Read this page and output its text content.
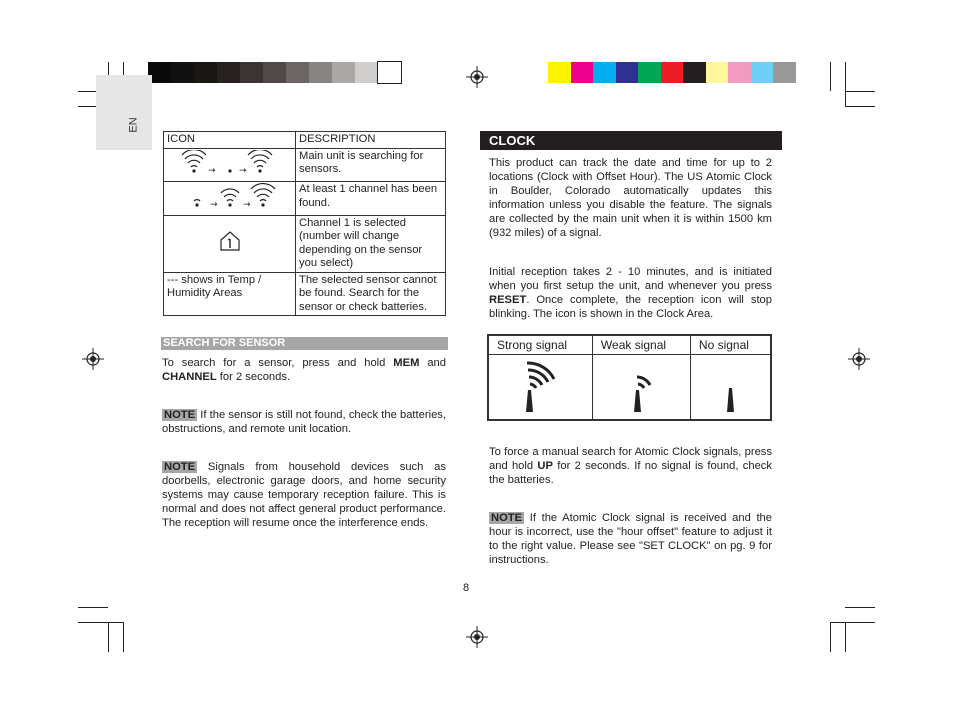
EN
ICON	DESCRIPTION

→ →	Main unit is searching for sensors.

→ →	At least 1 channel has been found.
	Channel 1 is selected (number will change depending on the sensor you select)
--- shows in Temp / Humidity Areas	The selected sensor cannot be found. Search for the sensor or check batteries.
SEARCH FOR SENSOR
To search for a sensor, press and hold MEM and CHANNEL for 2 seconds.
NOTE If the sensor is still not found, check the batteries, obstructions, and remote unit location.
NOTE Signals from household devices such as doorbells, electronic garage doors, and home security systems may cause temporary reception failure. This is normal and does not affect general product performance. The reception will resume once the interference ends.
CLOCK
This product can track the date and time for up to 2 locations (Clock with Offset Hour). The US Atomic Clock in Boulder, Colorado automatically updates this information unless you disable the feature. The signals are collected by the main unit when it is within 1500 km (932 miles) of a signal.
Initial reception takes 2 - 10 minutes, and is initiated when you first setup the unit, and whenever you press RESET. Once complete, the reception icon will stop blinking. The icon is shown in the Clock Area.
Strong signal	Weak signal	No signal

To force a manual search for Atomic Clock signals, press and hold UP for 2 seconds. If no signal is found, check the batteries.
NOTE If the Atomic Clock signal is received and the hour is incorrect, use the "hour offset" feature to adjust it to the right value. Please see "SET CLOCK" on pg. 9 for instructions.
8
